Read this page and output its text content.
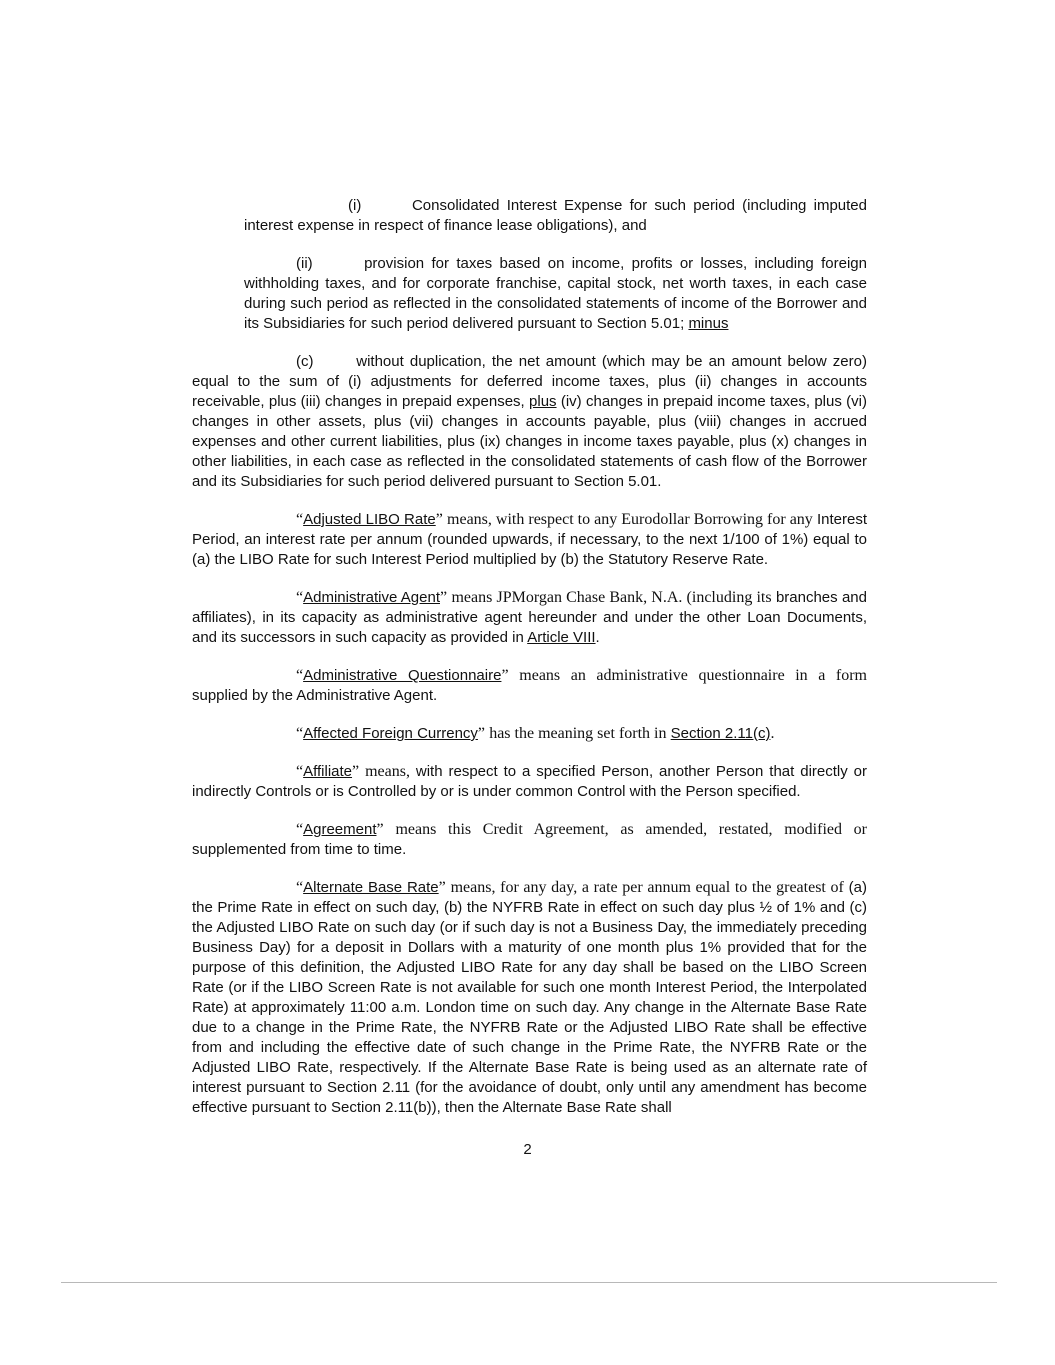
(i)	Consolidated Interest Expense for such period (including imputed interest expense in respect of finance lease obligations), and

(ii)	provision for taxes based on income, profits or losses, including foreign withholding taxes, and for corporate franchise, capital stock, net worth taxes, in each case during such period as reflected in the consolidated statements of income of the Borrower and its Subsidiaries for such period delivered pursuant to Section 5.01; minus

(c)	without duplication, the net amount (which may be an amount below zero) equal to the sum of (i) adjustments for deferred income taxes, plus (ii) changes in accounts receivable, plus (iii) changes in prepaid expenses, plus (iv) changes in prepaid income taxes, plus (vi) changes in other assets, plus (vii) changes in accounts payable, plus (viii) changes in accrued expenses and other current liabilities, plus (ix) changes in income taxes payable, plus (x) changes in other liabilities, in each case as reflected in the consolidated statements of cash flow of the Borrower and its Subsidiaries for such period delivered pursuant to Section 5.01.

“Adjusted LIBO Rate” means, with respect to any Eurodollar Borrowing for any Interest Period, an interest rate per annum (rounded upwards, if necessary, to the next 1/100 of 1%) equal to (a) the LIBO Rate for such Interest Period multiplied by (b) the Statutory Reserve Rate.

“Administrative Agent” means JPMorgan Chase Bank, N.A. (including its branches and affiliates), in its capacity as administrative agent hereunder and under the other Loan Documents, and its successors in such capacity as provided in Article VIII.

“Administrative Questionnaire” means an administrative questionnaire in a form supplied by the Administrative Agent.

“Affected Foreign Currency” has the meaning set forth in Section 2.11(c).

“Affiliate” means, with respect to a specified Person, another Person that directly or indirectly Controls or is Controlled by or is under common Control with the Person specified.

“Agreement” means this Credit Agreement, as amended, restated, modified or supplemented from time to time.

“Alternate Base Rate” means, for any day, a rate per annum equal to the greatest of (a) the Prime Rate in effect on such day, (b) the NYFRB Rate in effect on such day plus ½ of 1% and (c) the Adjusted LIBO Rate on such day (or if such day is not a Business Day, the immediately preceding Business Day) for a deposit in Dollars with a maturity of one month plus 1% provided that for the purpose of this definition, the Adjusted LIBO Rate for any day shall be based on the LIBO Screen Rate (or if the LIBO Screen Rate is not available for such one month Interest Period, the Interpolated Rate) at approximately 11:00 a.m. London time on such day. Any change in the Alternate Base Rate due to a change in the Prime Rate, the NYFRB Rate or the Adjusted LIBO Rate shall be effective from and including the effective date of such change in the Prime Rate, the NYFRB Rate or the Adjusted LIBO Rate, respectively. If the Alternate Base Rate is being used as an alternate rate of interest pursuant to Section 2.11 (for the avoidance of doubt, only until any amendment has become effective pursuant to Section 2.11(b)), then the Alternate Base Rate shall

2
